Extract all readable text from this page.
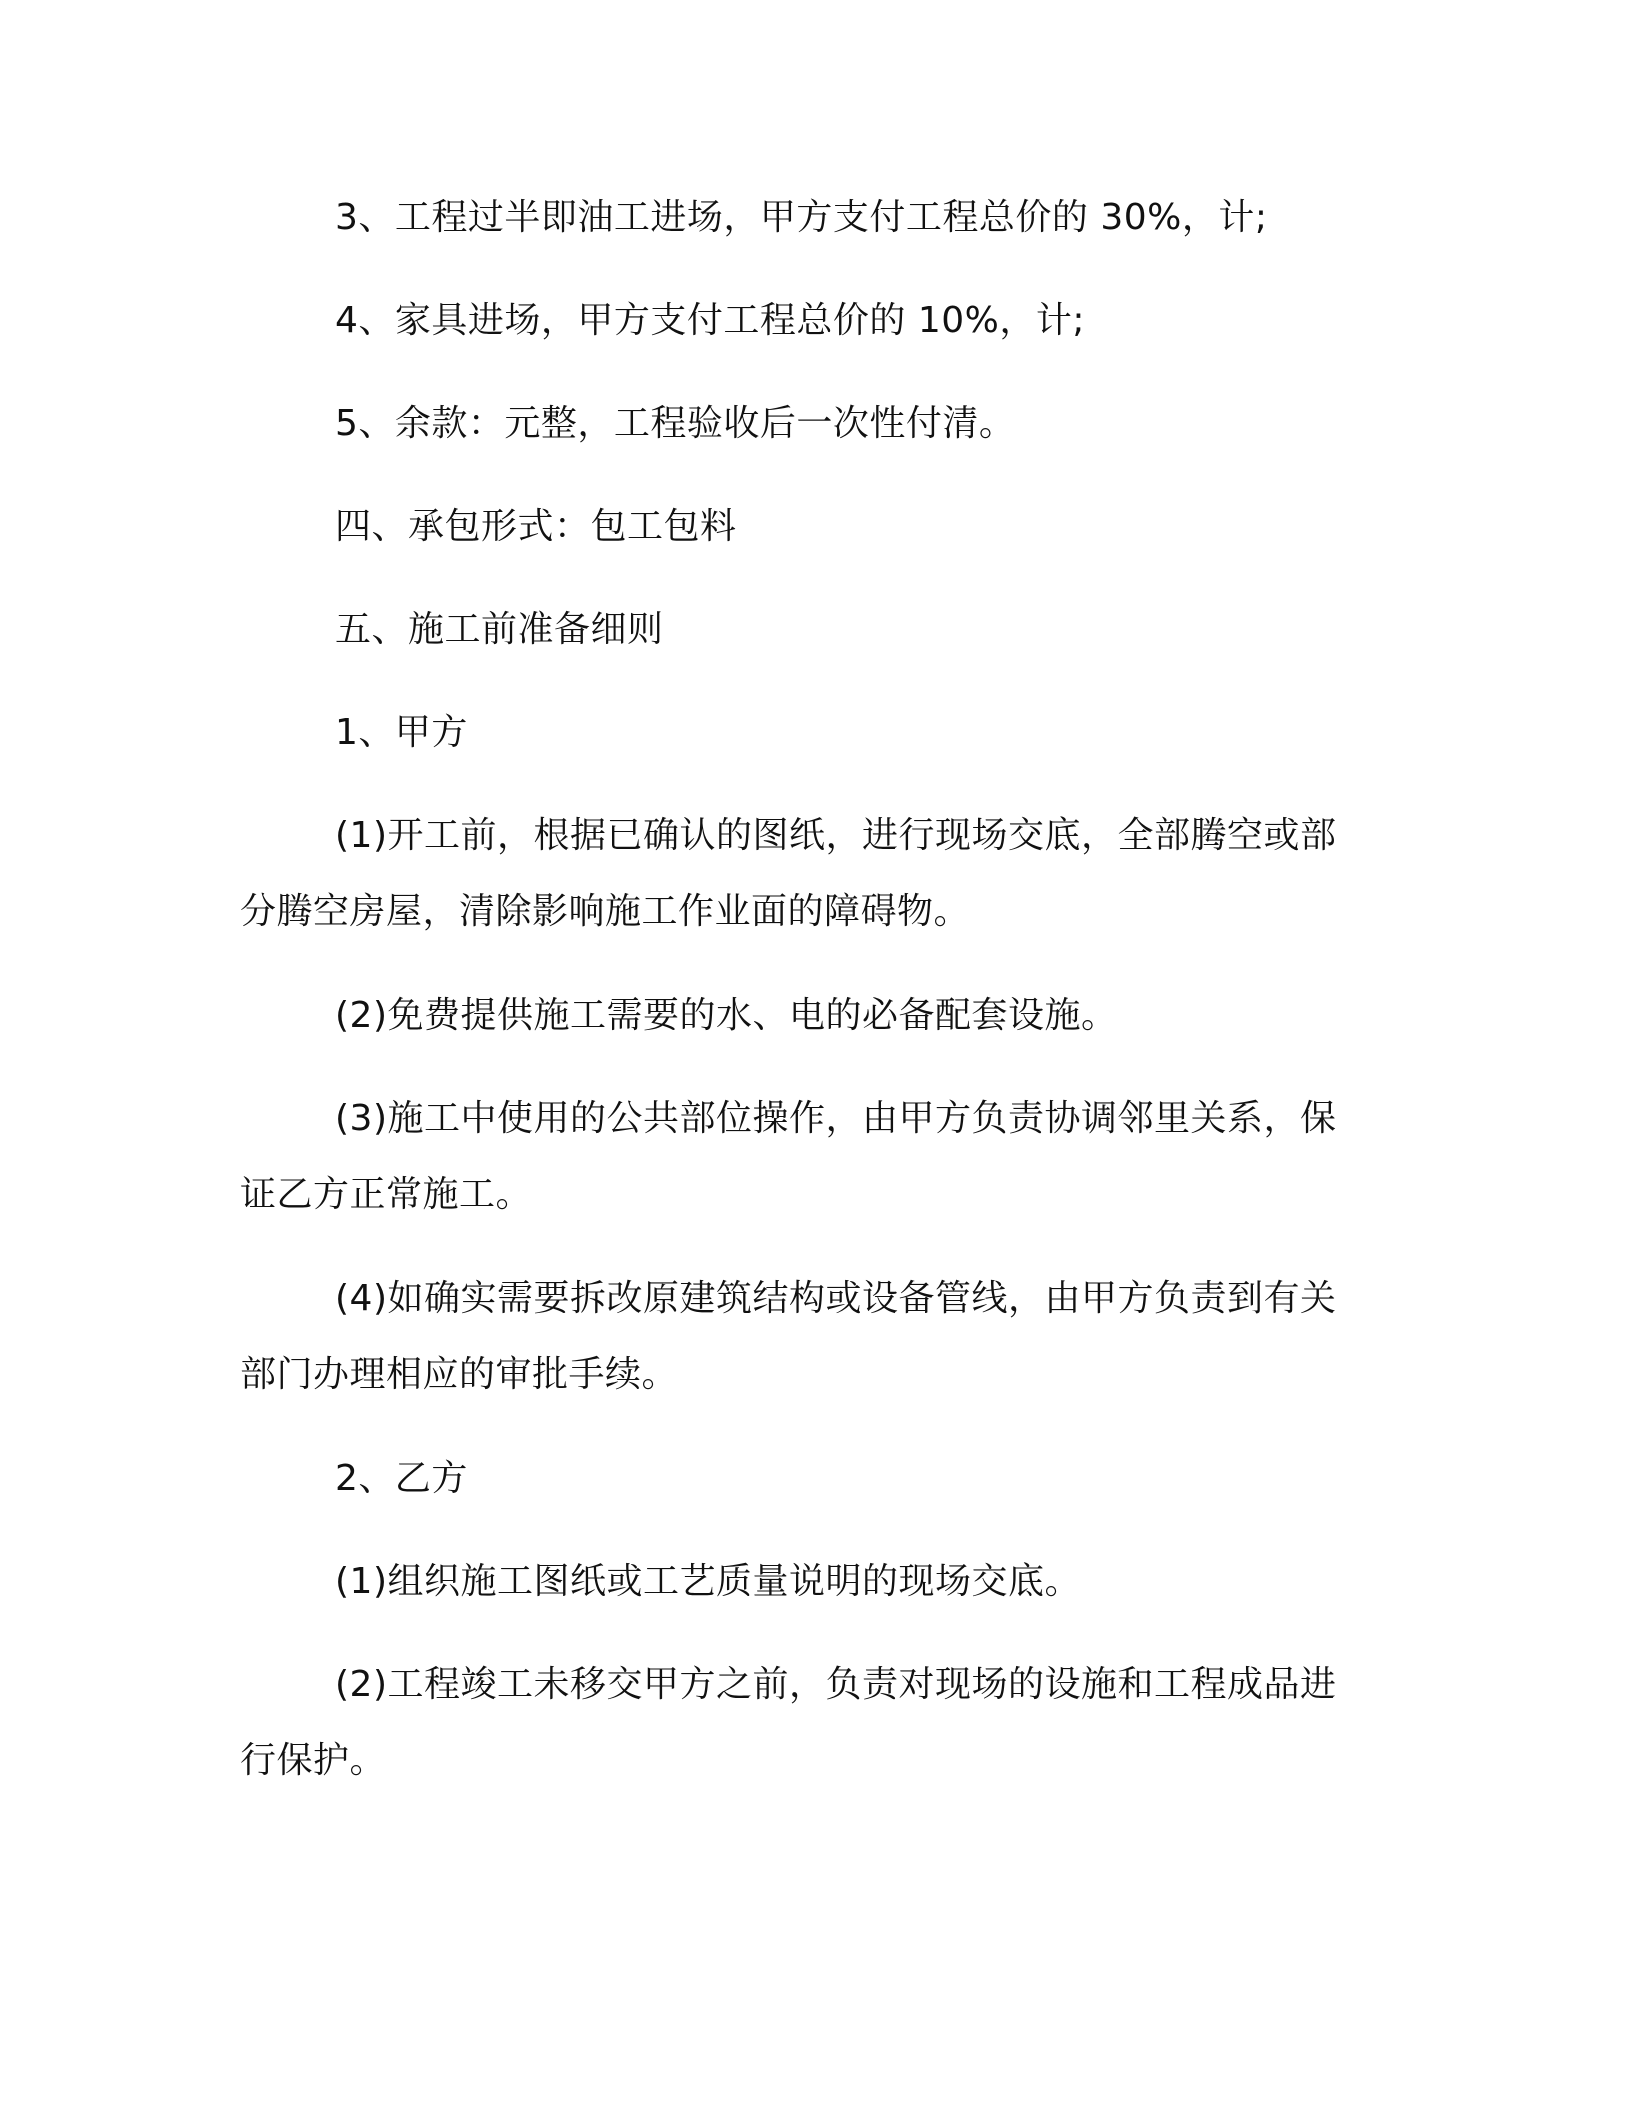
3、工程过半即油工进场，甲方支付工程总价的 30%，计;

4、家具进场，甲方支付工程总价的 10%，计;

5、余款：元整，工程验收后一次性付清。

四、承包形式：包工包料

五、施工前准备细则

1、甲方

(1)开工前，根据已确认的图纸，进行现场交底，全部腾空或部分腾空房屋，清除影响施工作业面的障碍物。

(2)免费提供施工需要的水、电的必备配套设施。

(3)施工中使用的公共部位操作，由甲方负责协调邻里关系，保证乙方正常施工。

(4)如确实需要拆改原建筑结构或设备管线，由甲方负责到有关部门办理相应的审批手续。

2、乙方

(1)组织施工图纸或工艺质量说明的现场交底。

(2)工程竣工未移交甲方之前，负责对现场的设施和工程成品进行保护。
